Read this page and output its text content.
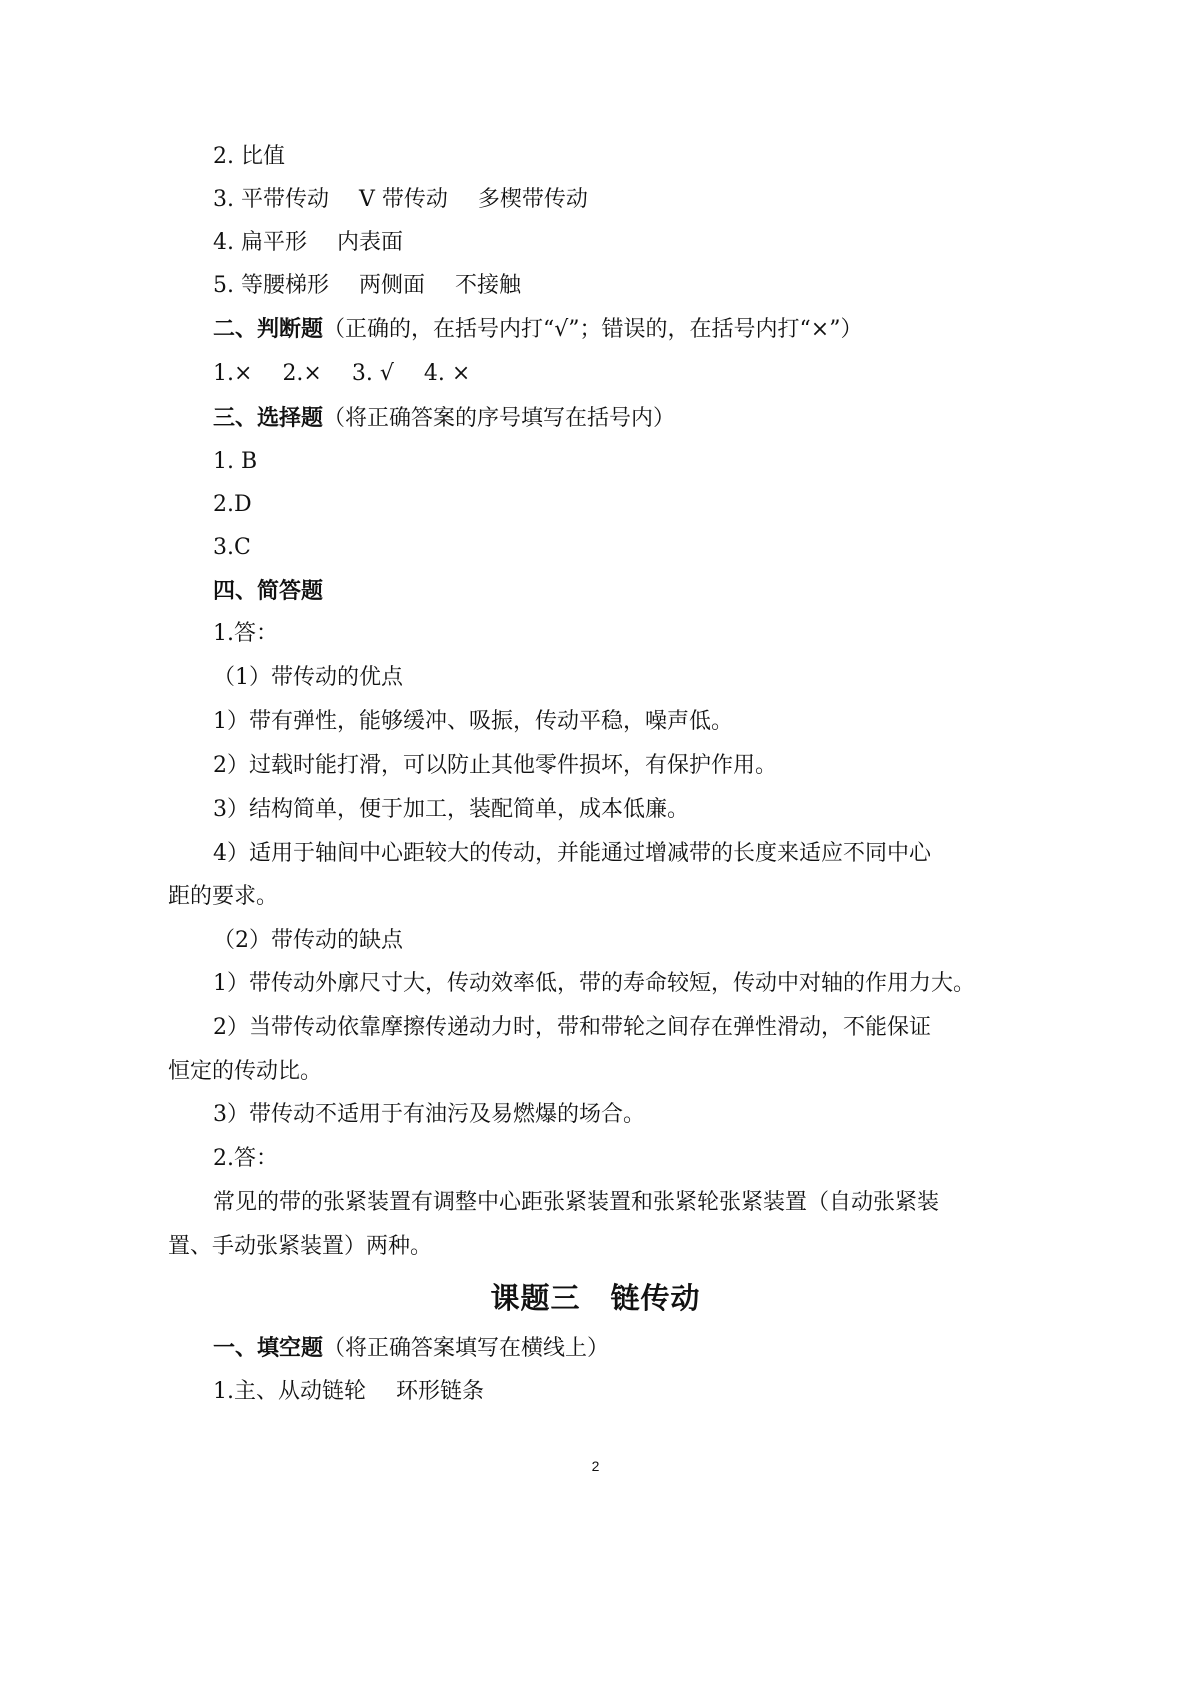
2. 比值
3. 平带传动 V 带传动 多楔带传动
4. 扁平形 内表面
5. 等腰梯形 两侧面 不接触
二、判断题（正确的，在括号内打“√”；错误的，在括号内打“×”）
1.× 2.× 3. √ 4. ×
三、选择题（将正确答案的序号填写在括号内）
1. B
2.D
3.C
四、简答题
1.答：
（1）带传动的优点
1）带有弹性，能够缓冲、吸振，传动平稳，噪声低。
2）过载时能打滑，可以防止其他零件损坏，有保护作用。
3）结构简单，便于加工，装配简单，成本低廉。
4）适用于轴间中心距较大的传动，并能通过增减带的长度来适应不同中心
距的要求。
（2）带传动的缺点
1）带传动外廓尺寸大，传动效率低，带的寿命较短，传动中对轴的作用力大。
2）当带传动依靠摩擦传递动力时，带和带轮之间存在弹性滑动，不能保证
恒定的传动比。
3）带传动不适用于有油污及易燃爆的场合。
2.答：
常见的带的张紧装置有调整中心距张紧装置和张紧轮张紧装置（自动张紧装
置、手动张紧装置）两种。
课题三　链传动
一、填空题（将正确答案填写在横线上）
1.主、从动链轮 环形链条
2
